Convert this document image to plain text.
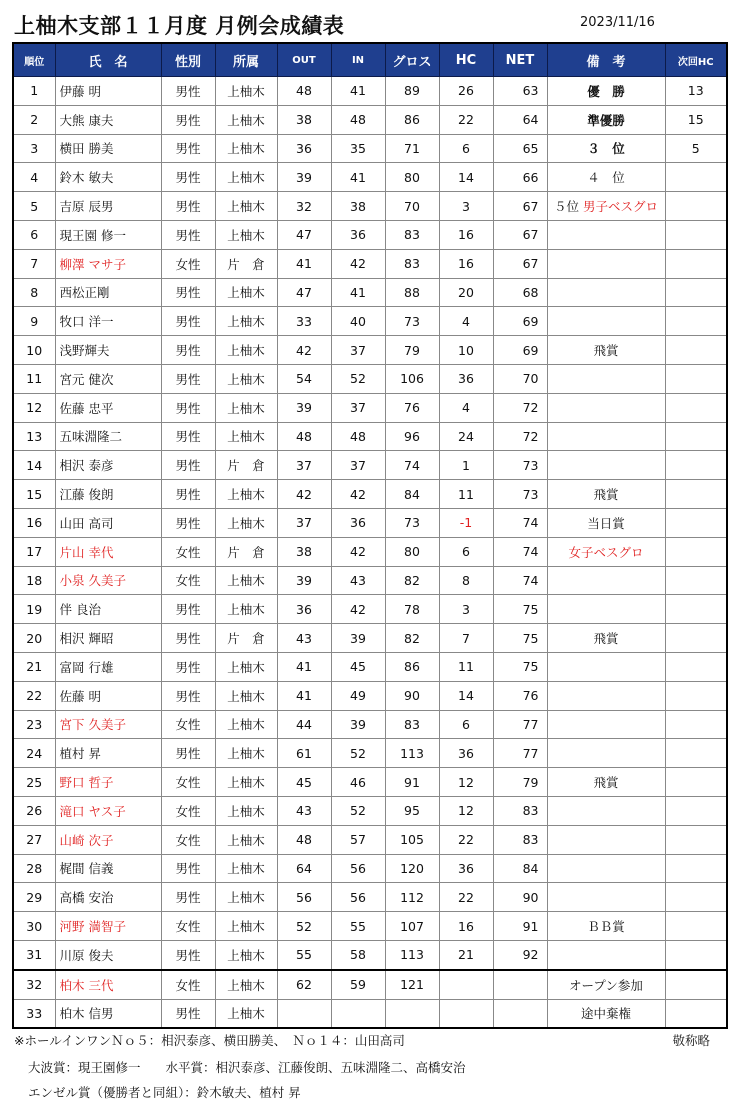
上柚木支部１１月度 月例会成績表	2023/11/16
順位	氏　名	性別	所属	OUT	IN	グロス	HC	NET	備　考	次回HC
1	伊藤 明	男性	上柚木	48	41	89	26	63	優　勝	13
2	大熊 康夫	男性	上柚木	38	48	86	22	64	準優勝	15
3	横田 勝美	男性	上柚木	36	35	71	6	65	３　位	5
4	鈴木 敏夫	男性	上柚木	39	41	80	14	66	４　位	
5	吉原 辰男	男性	上柚木	32	38	70	3	67	５位 男子ベスグロ	
6	現王園 修一	男性	上柚木	47	36	83	16	67		
7	柳澤 マサ子	女性	片　倉	41	42	83	16	67		
8	西松正剛	男性	上柚木	47	41	88	20	68		
9	牧口 洋一	男性	上柚木	33	40	73	4	69		
10	浅野輝夫	男性	上柚木	42	37	79	10	69	飛賞	
11	宮元 健次	男性	上柚木	54	52	106	36	70		
12	佐藤 忠平	男性	上柚木	39	37	76	4	72		
13	五味淵隆二	男性	上柚木	48	48	96	24	72		
14	相沢 泰彦	男性	片　倉	37	37	74	1	73		
15	江藤 俊朗	男性	上柚木	42	42	84	11	73	飛賞	
16	山田 高司	男性	上柚木	37	36	73	-1	74	当日賞	
17	片山 幸代	女性	片　倉	38	42	80	6	74	女子ベスグロ	
18	小泉 久美子	女性	上柚木	39	43	82	8	74		
19	伴 良治	男性	上柚木	36	42	78	3	75		
20	相沢 輝昭	男性	片　倉	43	39	82	7	75	飛賞	
21	富岡 行雄	男性	上柚木	41	45	86	11	75		
22	佐藤 明	男性	上柚木	41	49	90	14	76		
23	宮下 久美子	女性	上柚木	44	39	83	6	77		
24	植村 昇	男性	上柚木	61	52	113	36	77		
25	野口 哲子	女性	上柚木	45	46	91	12	79	飛賞	
26	滝口 ヤス子	女性	上柚木	43	52	95	12	83		
27	山崎 次子	女性	上柚木	48	57	105	22	83		
28	梶間 信義	男性	上柚木	64	56	120	36	84		
29	高橋 安治	男性	上柚木	56	56	112	22	90		
30	河野 満智子	女性	上柚木	52	55	107	16	91	ＢＢ賞	
31	川原 俊夫	男性	上柚木	55	58	113	21	92		
32	柏木 三代	女性	上柚木	62	59	121			オープン参加	
33	柏木 信男	男性	上柚木						途中棄権	
※ホールインワンＮｏ５：相沢泰彦、横田勝美、　Ｎｏ１４：山田高司	敬称略
大波賞：現王園修一　　水平賞：相沢泰彦、江藤俊朗、五味淵隆二、高橋安治
エンゼル賞（優勝者と同組）：鈴木敏夫、植村 昇
